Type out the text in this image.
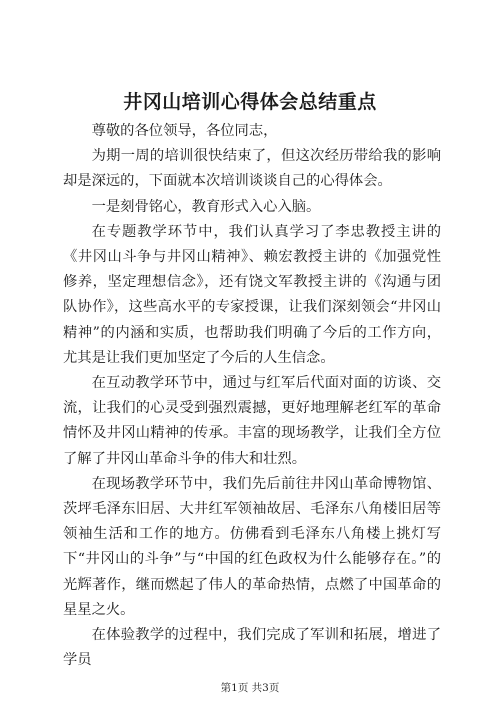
井冈山培训心得体会总结重点

尊敬的各位领导，各位同志，

为期一周的培训很快结束了，但这次经历带给我的影响却是深远的，下面就本次培训谈谈自己的心得体会。

一是刻骨铭心，教育形式入心入脑。

在专题教学环节中，我们认真学习了李忠教授主讲的《井冈山斗争与井冈山精神》、赖宏教授主讲的《加强党性修养，坚定理想信念》，还有饶文军教授主讲的《沟通与团队协作》，这些高水平的专家授课，让我们深刻领会“井冈山精神”的内涵和实质，也帮助我们明确了今后的工作方向，尤其是让我们更加坚定了今后的人生信念。

在互动教学环节中，通过与红军后代面对面的访谈、交流，让我们的心灵受到强烈震撼，更好地理解老红军的革命情怀及井冈山精神的传承。丰富的现场教学，让我们全方位了解了井冈山革命斗争的伟大和壮烈。

在现场教学环节中，我们先后前往井冈山革命博物馆、茨坪毛泽东旧居、大井红军领袖故居、毛泽东八角楼旧居等领袖生活和工作的地方。仿佛看到毛泽东八角楼上挑灯写下“井冈山的斗争”与“中国的红色政权为什么能够存在。”的光辉著作，继而燃起了伟人的革命热情，点燃了中国革命的星星之火。

在体验教学的过程中，我们完成了军训和拓展，增进了学员

第1页 共3页
